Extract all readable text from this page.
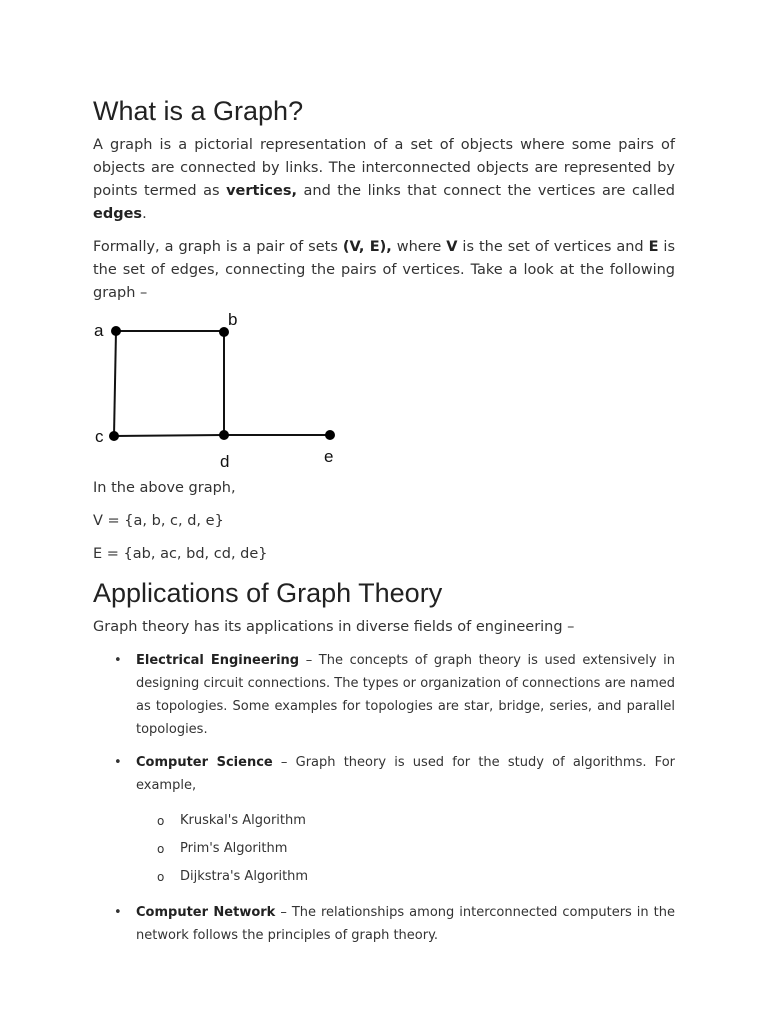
What is a Graph?

A graph is a pictorial representation of a set of objects where some pairs of objects are connected by links. The interconnected objects are represented by points termed as vertices, and the links that connect the vertices are called edges.

Formally, a graph is a pair of sets (V, E), where V is the set of vertices and E is the set of edges, connecting the pairs of vertices. Take a look at the following graph –

a
b
c
d	e
In the above graph,
V = {a, b, c, d, e}
E = {ab, ac, bd, cd, de}
Applications of Graph Theory

Graph theory has its applications in diverse fields of engineering –

• Electrical Engineering – The concepts of graph theory is used extensively in designing circuit connections. The types or organization of connections are named as topologies. Some examples for topologies are star, bridge, series, and parallel topologies.
• Computer Science – Graph theory is used for the study of algorithms. For example,
o Kruskal's Algorithm
o Prim's Algorithm
o Dijkstra's Algorithm
• Computer Network – The relationships among interconnected computers in the network follows the principles of graph theory.
